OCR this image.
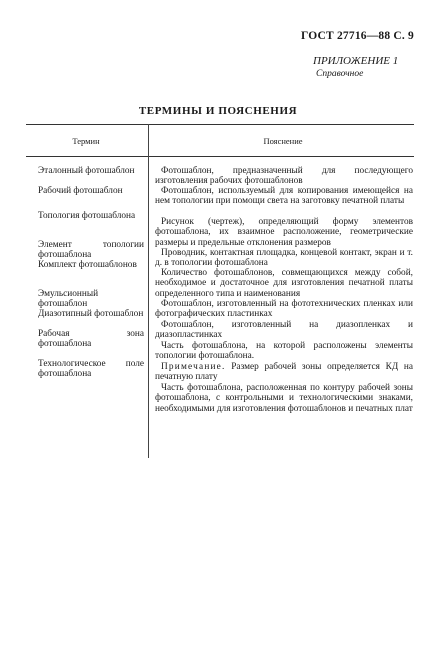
ГОСТ 27716—88 С. 9
ПРИЛОЖЕНИЕ 1
Справочное
ТЕРМИНЫ И ПОЯСНЕНИЯ
Термин	Пояснение
Эталонный фотошаблон
Рабочий фотошаблон
Топология фотошаблона
Элемент топологии фотошаблона
Комплект фотошаблонов
Эмульсионный фотошаблон
Диазотипный фотошаблон
Рабочая зона фотошаблона
Технологическое поле фотошаблона

Фотошаблон, предназначенный для последующего изготовления рабочих фотошаблонов

Фотошаблон, используемый для копирования имеющейся на нем топологии при помощи света на заготовку печатной платы

Рисунок (чертеж), определяющий форму элементов фотошаблона, их взаимное расположение, геометрические размеры и предельные отклонения размеров

Проводник, контактная площадка, концевой контакт, экран и т. д. в топологии фотошаблона

Количество фотошаблонов, совмещающихся между собой, необходимое и достаточное для изготовления печатной платы определенного типа и наименования

Фотошаблон, изготовленный на фототехнических пленках или фотографических пластинках

Фотошаблон, изготовленный на диазопленках и диазопластинках

Часть фотошаблона, на которой расположены элементы топологии фотошаблона.

Примечание. Размер рабочей зоны определяется КД на печатную плату

Часть фотошаблона, расположенная по контуру рабочей зоны фотошаблона, с контрольными и технологическими знаками, необходимыми для изготовления фотошаблонов и печатных плат
